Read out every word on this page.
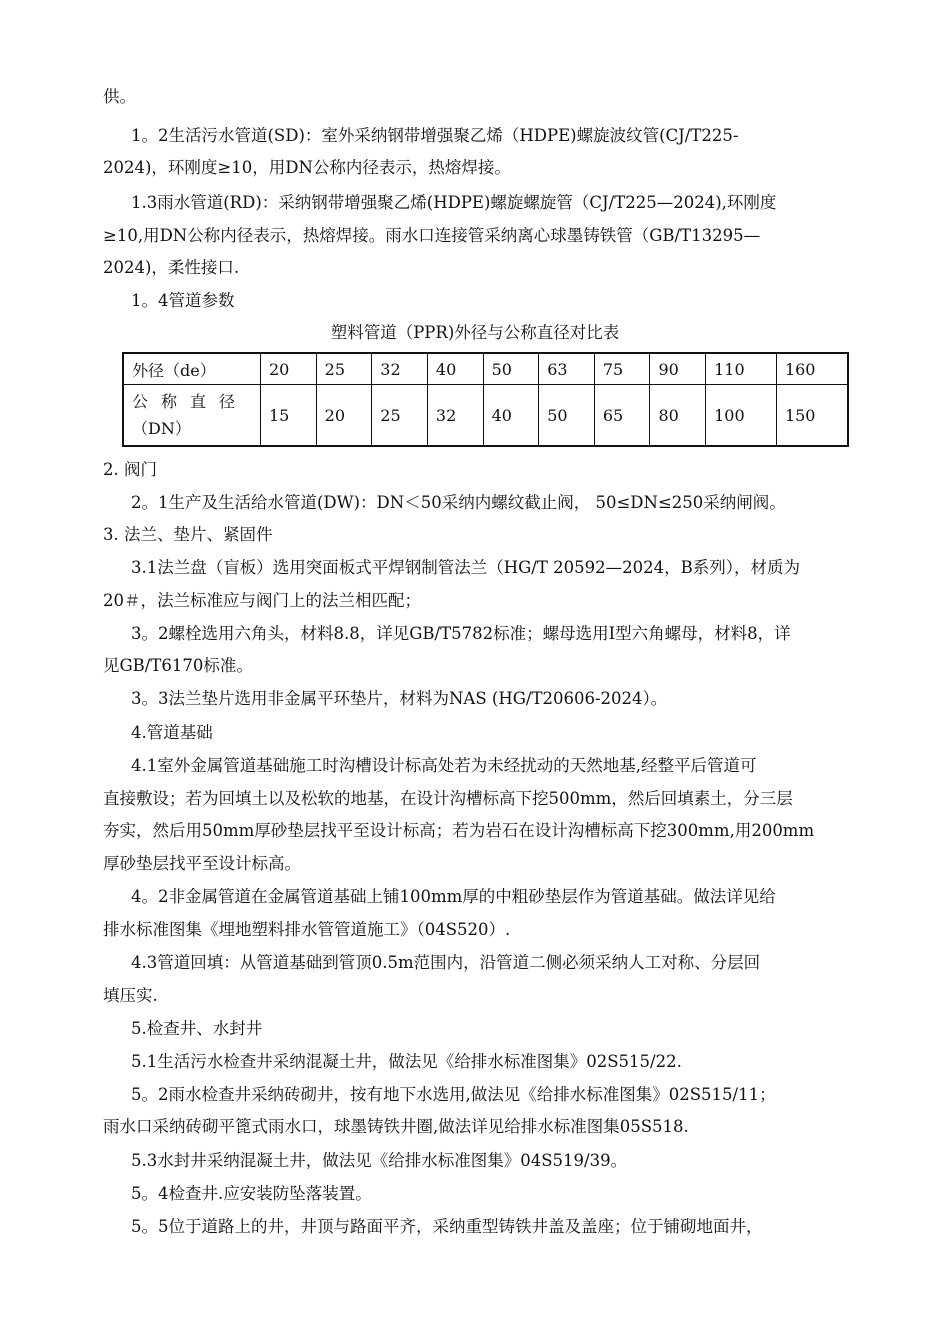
供。
1。2生活污水管道(SD)：室外采纳钢带增强聚乙烯（HDPE)螺旋波纹管(CJ/T225-
2024)，环刚度≥10，用DN公称内径表示，热熔焊接。
1.3雨水管道(RD)：采纳钢带增强聚乙烯(HDPE)螺旋螺旋管（CJ/T225—2024),环刚度
≥10,用DN公称内径表示，热熔焊接。雨水口连接管采纳离心球墨铸铁管（GB/T13295—
2024)，柔性接口.
1。4管道参数
塑料管道（PPR)外径与公称直径对比表
外径（de）	20	25	32	40	50	63	75	90	110	160
公称直径
（DN）	15	20	25	32	40	50	65	80	100	150
2. 阀门
2。1生产及生活给水管道(DW)：DN＜50采纳内螺纹截止阀， 50≤DN≤250采纳闸阀。
3. 法兰、垫片、紧固件
3.1法兰盘（盲板）选用突面板式平焊钢制管法兰（HG/T 20592—2024，B系列），材质为
20＃，法兰标准应与阀门上的法兰相匹配；
3。2螺栓选用六角头，材料8.8，详见GB/T5782标准；螺母选用Ⅰ型六角螺母，材料8，详
见GB/T6170标准。
3。3法兰垫片选用非金属平环垫片，材料为NAS (HG/T20606-2024）。
4.管道基础
4.1室外金属管道基础施工时沟槽设计标高处若为未经扰动的天然地基,经整平后管道可
直接敷设；若为回填土以及松软的地基，在设计沟槽标高下挖500mm，然后回填素土，分三层
夯实，然后用50mm厚砂垫层找平至设计标高；若为岩石在设计沟槽标高下挖300mm,用200mm
厚砂垫层找平至设计标高。
4。2非金属管道在金属管道基础上铺100mm厚的中粗砂垫层作为管道基础。做法详见给
排水标准图集《埋地塑料排水管管道施工》（04S520）.
4.3管道回填：从管道基础到管顶0.5m范围内，沿管道二侧必须采纳人工对称、分层回
填压实.
5.检查井、水封井
5.1生活污水检查井采纳混凝土井，做法见《给排水标准图集》02S515/22.
5。2雨水检查井采纳砖砌井，按有地下水选用,做法见《给排水标准图集》02S515/11；
雨水口采纳砖砌平篦式雨水口，球墨铸铁井圈,做法详见给排水标准图集05S518.
5.3水封井采纳混凝土井，做法见《给排水标准图集》04S519/39。
5。4检查井.应安装防坠落装置。
5。5位于道路上的井，井顶与路面平齐，采纳重型铸铁井盖及盖座；位于铺砌地面井，
